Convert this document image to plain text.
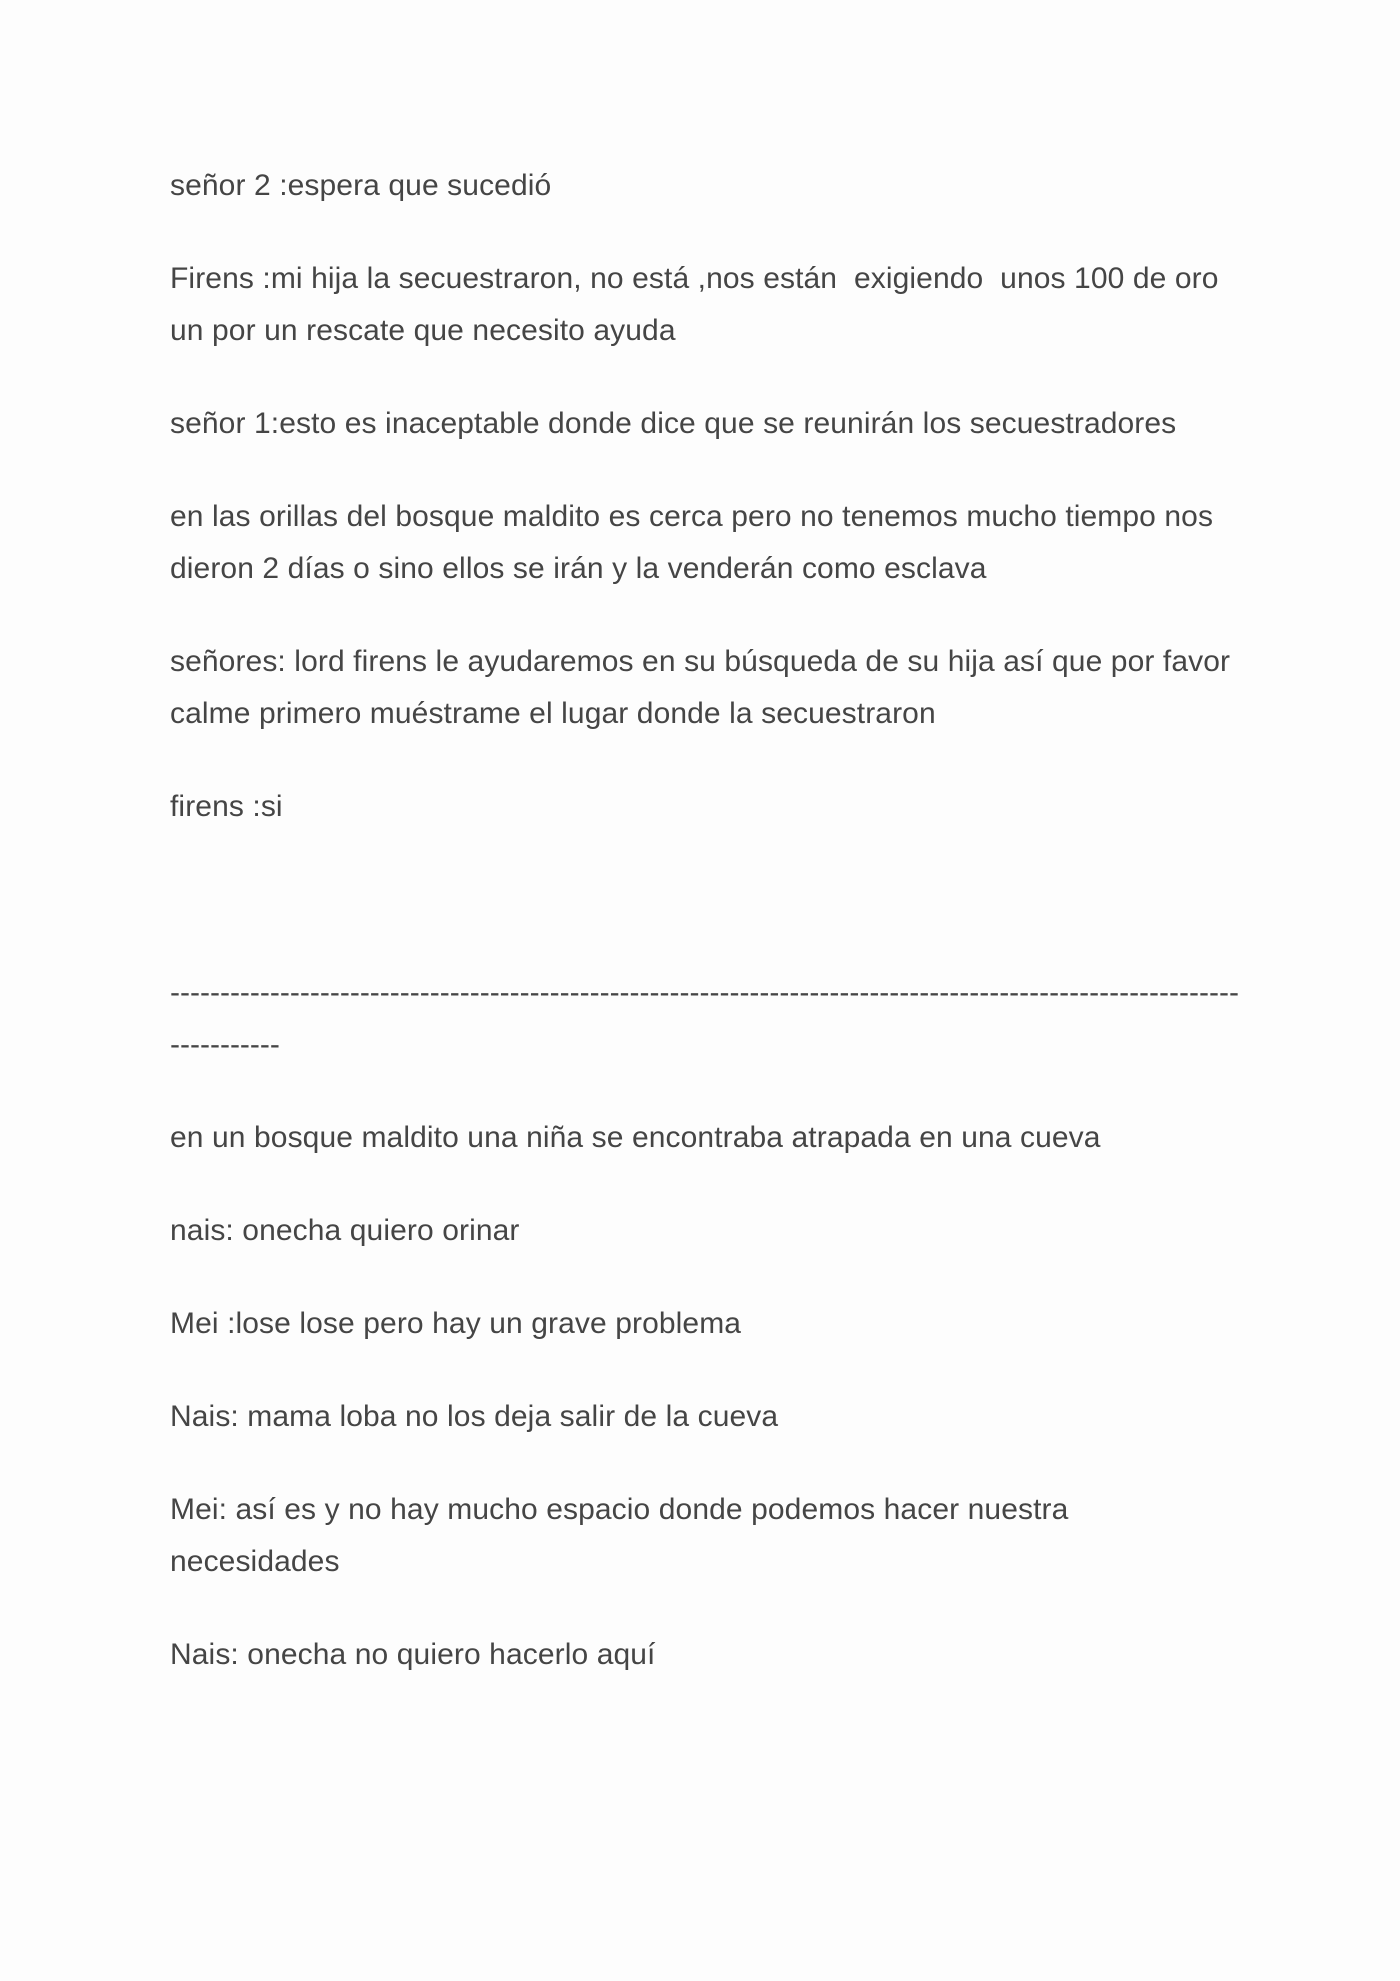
señor 2 :espera que sucedió

Firens :mi hija la secuestraron, no está ,nos están  exigiendo  unos 100 de oro un por un rescate que necesito ayuda

señor 1:esto es inaceptable donde dice que se reunirán los secuestradores

en las orillas del bosque maldito es cerca pero no tenemos mucho tiempo nos dieron 2 días o sino ellos se irán y la venderán como esclava

señores: lord firens le ayudaremos en su búsqueda de su hija así que por favor calme primero muéstrame el lugar donde la secuestraron

firens :si

----------------------------------------------------------------------------------------------------------------------

en un bosque maldito una niña se encontraba atrapada en una cueva

nais: onecha quiero orinar

Mei :lose lose pero hay un grave problema

Nais: mama loba no los deja salir de la cueva

Mei: así es y no hay mucho espacio donde podemos hacer nuestra necesidades

Nais: onecha no quiero hacerlo aquí
